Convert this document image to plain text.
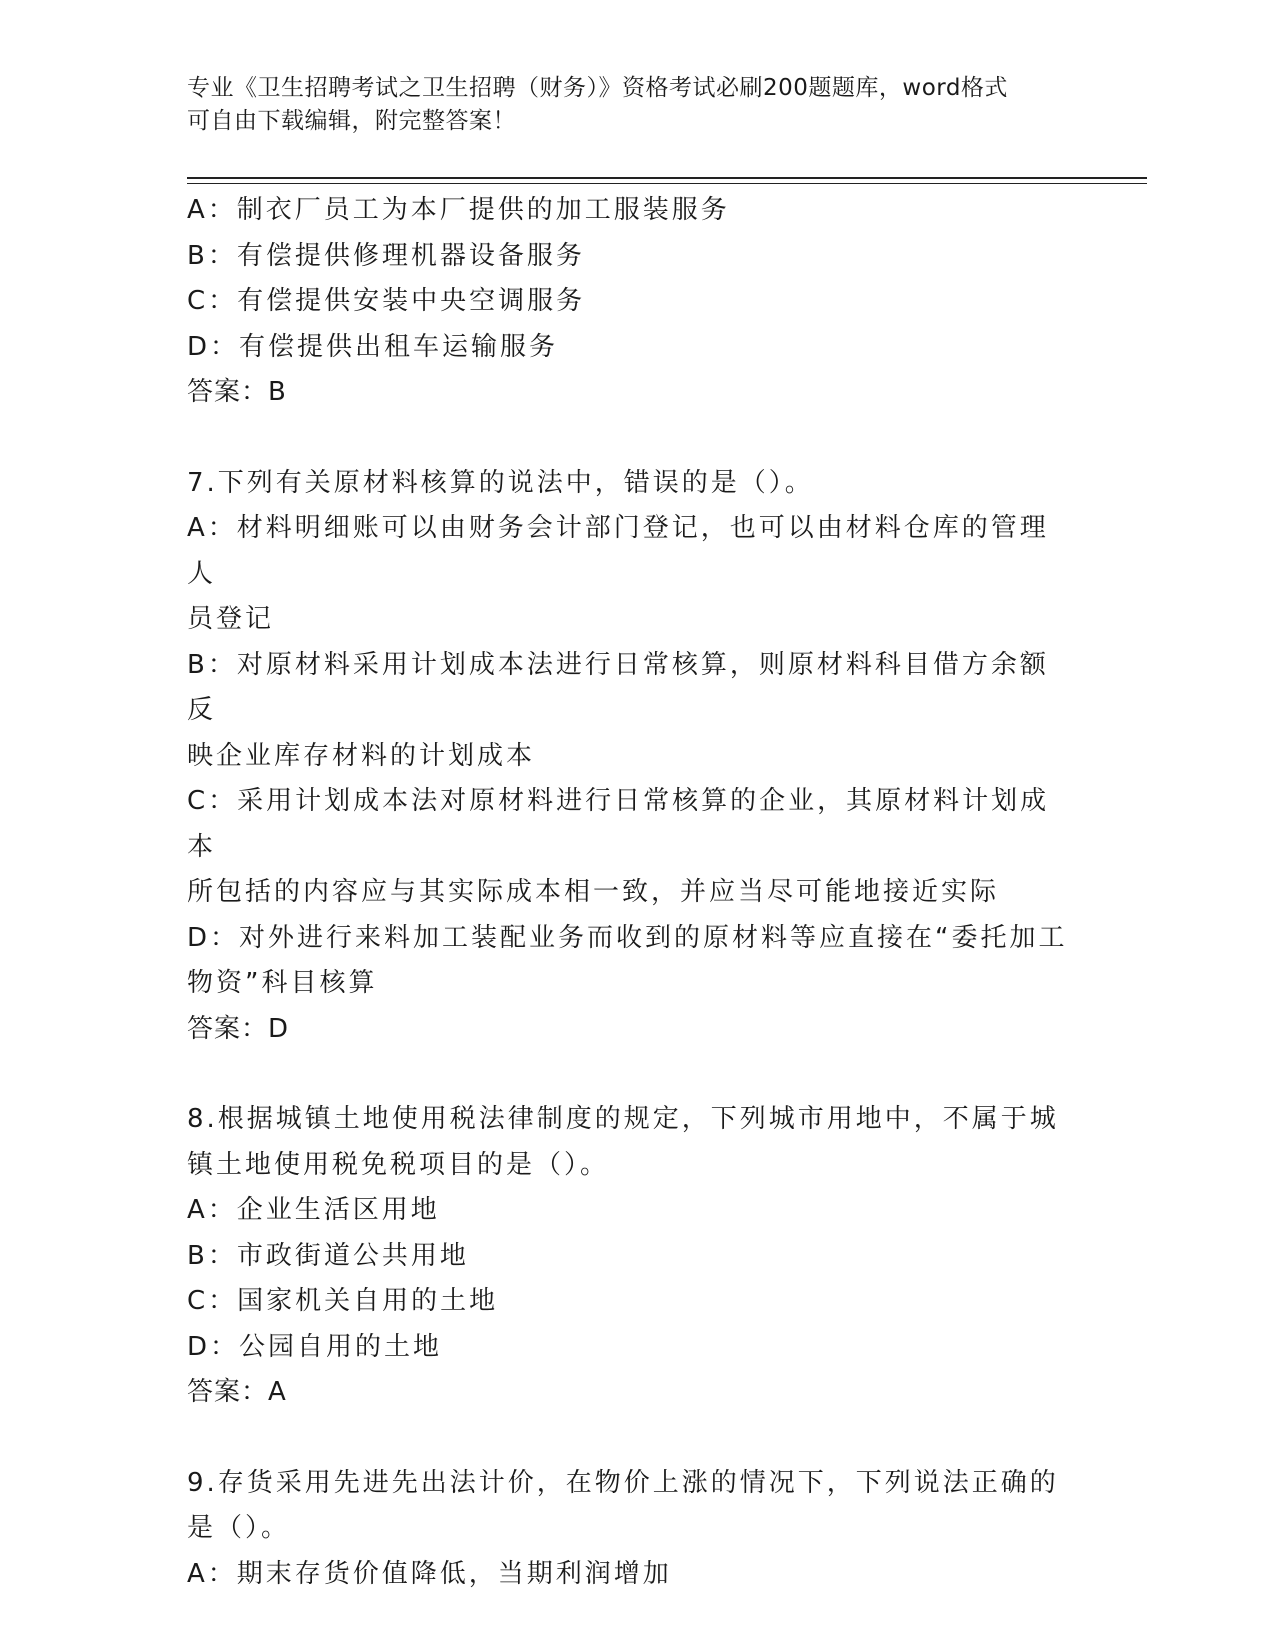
专业《卫生招聘考试之卫生招聘（财务）》资格考试必刷200题题库，word格式
可自由下载编辑，附完整答案！
A：制衣厂员工为本厂提供的加工服装服务
B：有偿提供修理机器设备服务
C：有偿提供安装中央空调服务
D：有偿提供出租车运输服务
答案：B
7.下列有关原材料核算的说法中，错误的是（）。
A：材料明细账可以由财务会计部门登记，也可以由材料仓库的管理人
员登记
B：对原材料采用计划成本法进行日常核算，则原材料科目借方余额反
映企业库存材料的计划成本
C：采用计划成本法对原材料进行日常核算的企业，其原材料计划成本
所包括的内容应与其实际成本相一致，并应当尽可能地接近实际
D：对外进行来料加工装配业务而收到的原材料等应直接在“委托加工
物资”科目核算
答案：D
8.根据城镇土地使用税法律制度的规定，下列城市用地中，不属于城
镇土地使用税免税项目的是（）。
A：企业生活区用地
B：市政街道公共用地
C：国家机关自用的土地
D：公园自用的土地
答案：A
9.存货采用先进先出法计价，在物价上涨的情况下，下列说法正确的
是（）。
A：期末存货价值降低，当期利润增加
